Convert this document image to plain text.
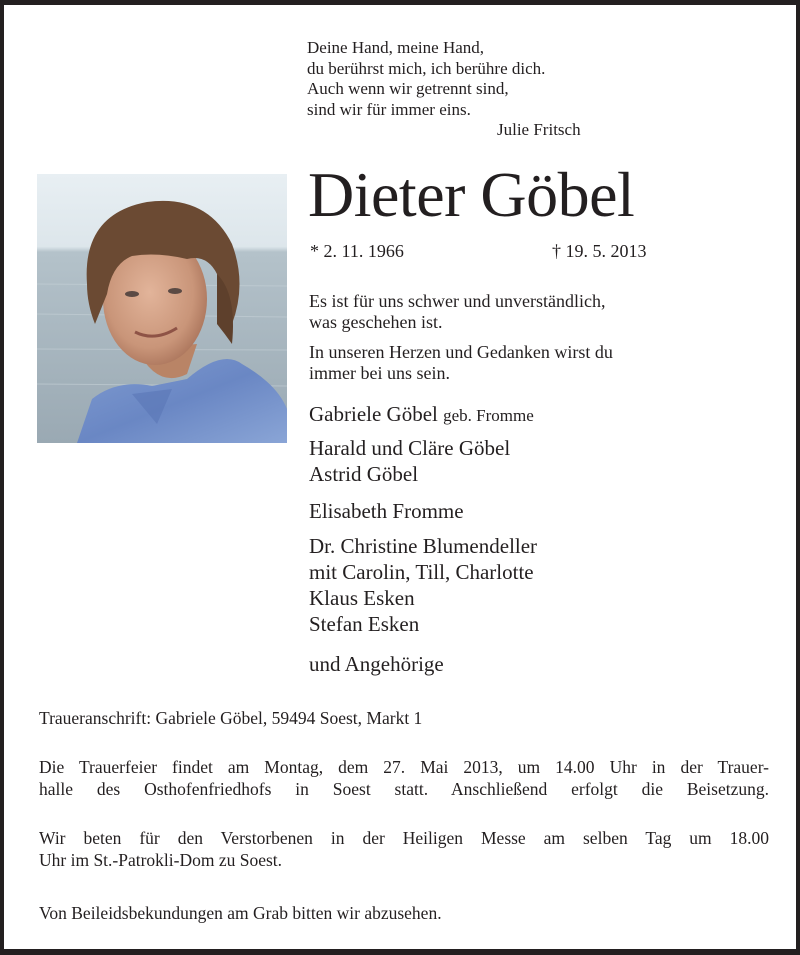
Deine Hand, meine Hand,
du berührst mich, ich berühre dich.
Auch wenn wir getrennt sind,
sind wir für immer eins.
Julie Fritsch
Dieter Göbel
* 2. 11. 1966	† 19. 5. 2013
Es ist für uns schwer und unverständlich,
was geschehen ist.
In unseren Herzen und Gedanken wirst du
immer bei uns sein.
Gabriele Göbel geb. Fromme
Harald und Cläre Göbel
Astrid Göbel
Elisabeth Fromme
Dr. Christine Blumendeller
mit Carolin, Till, Charlotte
Klaus Esken
Stefan Esken
und Angehörige
Traueranschrift: Gabriele Göbel, 59494 Soest, Markt 1
Die Trauerfeier findet am Montag, dem 27. Mai 2013, um 14.00 Uhr in der Trauer-
halle des Osthofenfriedhofs in Soest statt. Anschließend erfolgt die Beisetzung.
Wir beten für den Verstorbenen in der Heiligen Messe am selben Tag um 18.00
Uhr im St.-Patrokli-Dom zu Soest.
Von Beileidsbekundungen am Grab bitten wir abzusehen.
